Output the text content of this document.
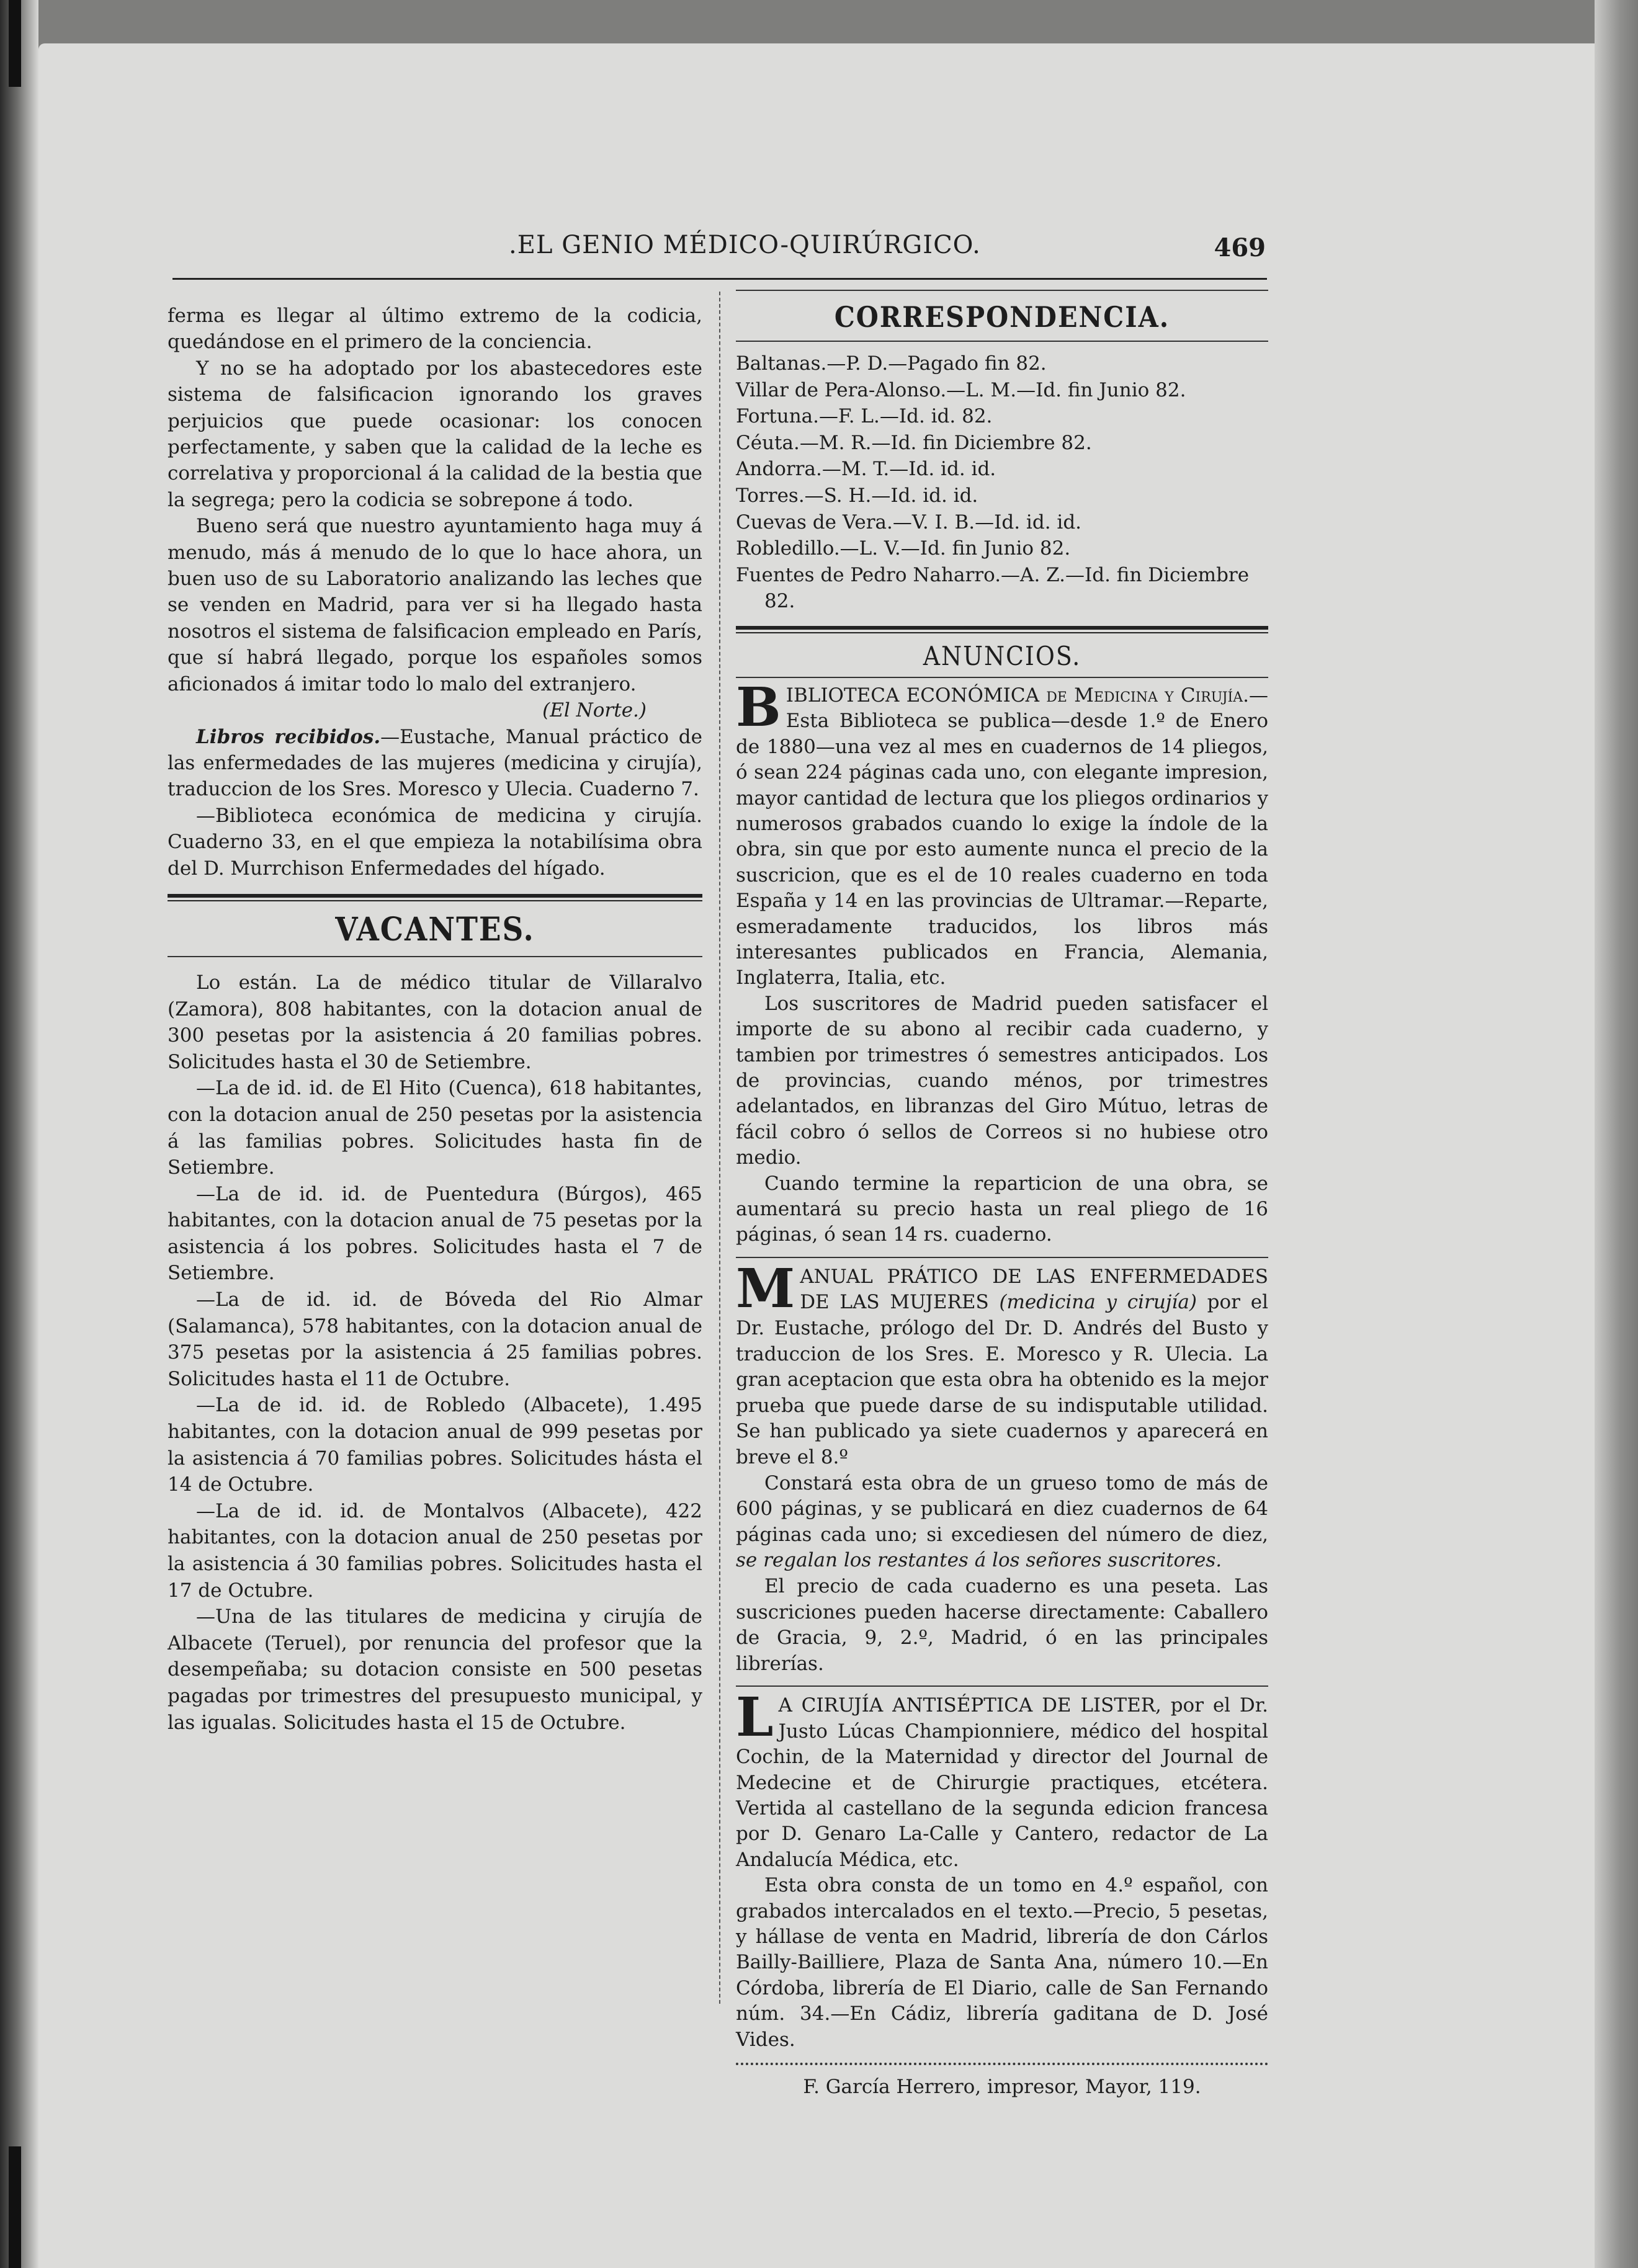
.EL GENIO MÉDICO-QUIRÚRGICO.	469

ferma es llegar al último extremo de la codicia, quedándose en el primero de la conciencia.

Y no se ha adoptado por los abastecedores este sistema de falsificacion ignorando los graves perjuicios que puede ocasionar: los conocen perfectamente, y saben que la calidad de la leche es correlativa y proporcional á la calidad de la bestia que la segrega; pero la codicia se sobrepone á todo.

Bueno será que nuestro ayuntamiento haga muy á menudo, más á menudo de lo que lo hace ahora, un buen uso de su Laboratorio analizando las leches que se venden en Madrid, para ver si ha llegado hasta nosotros el sistema de falsificacion empleado en París, que sí habrá llegado, porque los españoles somos aficionados á imitar todo lo malo del extranjero.

(El Norte.)

Libros recibidos.—Eustache, Manual práctico de las enfermedades de las mujeres (medicina y cirujía), traduccion de los Sres. Moresco y Ulecia. Cuaderno 7.

—Biblioteca económica de medicina y cirujía. Cuaderno 33, en el que empieza la notabilísima obra del D. Murrchison Enfermedades del hígado.

VACANTES.

Lo están. La de médico titular de Villaralvo (Zamora), 808 habitantes, con la dotacion anual de 300 pesetas por la asistencia á 20 familias pobres. Solicitudes hasta el 30 de Setiembre.

—La de id. id. de El Hito (Cuenca), 618 habitantes, con la dotacion anual de 250 pesetas por la asistencia á las familias pobres. Solicitudes hasta fin de Setiembre.

—La de id. id. de Puentedura (Búrgos), 465 habitantes, con la dotacion anual de 75 pesetas por la asistencia á los pobres. Solicitudes hasta el 7 de Setiembre.

—La de id. id. de Bóveda del Rio Almar (Salamanca), 578 habitantes, con la dotacion anual de 375 pesetas por la asistencia á 25 familias pobres. Solicitudes hasta el 11 de Octubre.

—La de id. id. de Robledo (Albacete), 1.495 habitantes, con la dotacion anual de 999 pesetas por la asistencia á 70 familias pobres. Solicitudes hásta el 14 de Octubre.

—La de id. id. de Montalvos (Albacete), 422 habitantes, con la dotacion anual de 250 pesetas por la asistencia á 30 familias pobres. Solicitudes hasta el 17 de Octubre.

—Una de las titulares de medicina y cirujía de Albacete (Teruel), por renuncia del profesor que la desempeñaba; su dotacion consiste en 500 pesetas pagadas por trimestres del presupuesto municipal, y las igualas. Solicitudes hasta el 15 de Octubre.

CORRESPONDENCIA.

Baltanas.—P. D.—Pagado fin 82.

Villar de Pera-Alonso.—L. M.—Id. fin Junio 82.

Fortuna.—F. L.—Id. id. 82.

Céuta.—M. R.—Id. fin Diciembre 82.

Andorra.—M. T.—Id. id. id.

Torres.—S. H.—Id. id. id.

Cuevas de Vera.—V. I. B.—Id. id. id.

Robledillo.—L. V.—Id. fin Junio 82.

Fuentes de Pedro Naharro.—A. Z.—Id. fin Diciembre 82.

ANUNCIOS.

BIBLIOTECA ECONÓMICA de Medicina y Cirujía.—Esta Biblioteca se publica—desde 1.º de Enero de 1880—una vez al mes en cuadernos de 14 pliegos, ó sean 224 páginas cada uno, con elegante impresion, mayor cantidad de lectura que los pliegos ordinarios y numerosos grabados cuando lo exige la índole de la obra, sin que por esto aumente nunca el precio de la suscricion, que es el de 10 reales cuaderno en toda España y 14 en las provincias de Ultramar.—Reparte, esmeradamente traducidos, los libros más interesantes publicados en Francia, Alemania, Inglaterra, Italia, etc.

Los suscritores de Madrid pueden satisfacer el importe de su abono al recibir cada cuaderno, y tambien por trimestres ó semestres anticipados. Los de provincias, cuando ménos, por trimestres adelantados, en libranzas del Giro Mútuo, letras de fácil cobro ó sellos de Correos si no hubiese otro medio.

Cuando termine la reparticion de una obra, se aumentará su precio hasta un real pliego de 16 páginas, ó sean 14 rs. cuaderno.

MANUAL PRÁTICO DE LAS ENFERMEDADES DE LAS MUJERES (medicina y cirujía) por el Dr. Eustache, prólogo del Dr. D. Andrés del Busto y traduccion de los Sres. E. Moresco y R. Ulecia. La gran aceptacion que esta obra ha obtenido es la mejor prueba que puede darse de su indisputable utilidad. Se han publicado ya siete cuadernos y aparecerá en breve el 8.º

Constará esta obra de un grueso tomo de más de 600 páginas, y se publicará en diez cuadernos de 64 páginas cada uno; si excediesen del número de diez, se regalan los restantes á los señores suscritores.

El precio de cada cuaderno es una peseta. Las suscriciones pueden hacerse directamente: Caballero de Gracia, 9, 2.º, Madrid, ó en las principales librerías.

L A CIRUJÍA ANTISÉPTICA DE LISTER, por el Dr. Justo Lúcas Championniere, médico del hospital Cochin, de la Maternidad y director del Journal de Medecine et de Chirurgie practiques, etcétera. Vertida al castellano de la segunda edicion francesa por D. Genaro La-Calle y Cantero, redactor de La Andalucía Médica, etc.

Esta obra consta de un tomo en 4.º español, con grabados intercalados en el texto.—Precio, 5 pesetas, y hállase de venta en Madrid, librería de don Cárlos Bailly-Bailliere, Plaza de Santa Ana, número 10.—En Córdoba, librería de El Diario, calle de San Fernando núm. 34.—En Cádiz, librería gaditana de D. José Vides.

F. García Herrero, impresor, Mayor, 119.
